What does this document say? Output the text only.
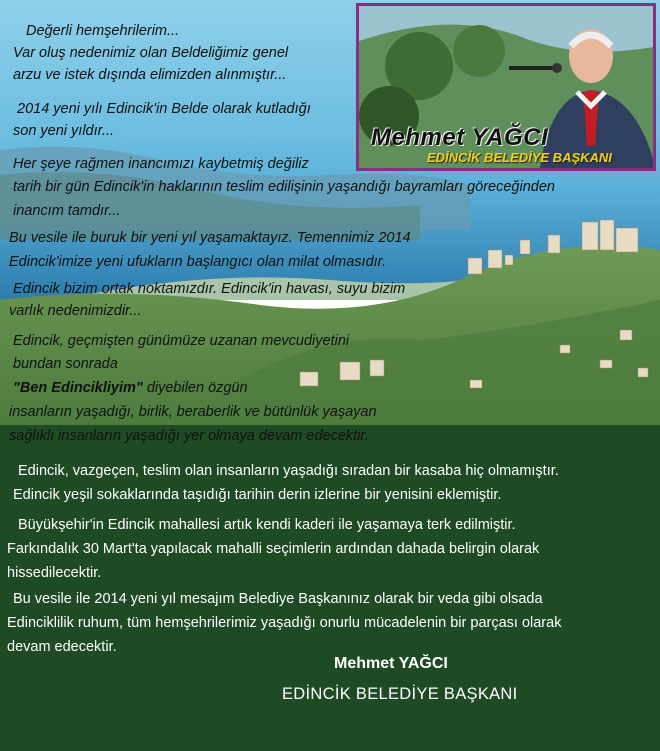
Mehmet YAĞCI
EDİNCİK BELEDİYE BAŞKANI
Değerli hemşehrilerim...
Var oluş nedenimiz olan Beldeliğimiz genel
arzu ve istek dışında elimizden alınmıştır...
2014 yeni yılı Edincik'in Belde olarak kutladığı
son yeni yıldır...
Her şeye rağmen inancımızı kaybetmiş değiliz
tarih bir gün Edincik'in haklarının teslim edilişinin yaşandığı bayramları göreceğinden
inancım tamdır...
Bu vesile ile buruk bir yeni yıl yaşamaktayız. Temennimiz 2014
Edincik'imize yeni ufukların başlangıcı olan milat olmasıdır.
Edincik bizim ortak noktamızdır. Edincik'in havası, suyu bizim
varlık nedenimizdir...
Edincik, geçmişten günümüze uzanan mevcudiyetini
bundan sonrada
"Ben Edincikliyim" diyebilen özgün
insanların yaşadığı, birlik, beraberlik ve bütünlük yaşayan
sağlıklı insanların yaşadığı yer olmaya devam edecektir.
Edincik, vazgeçen, teslim olan insanların yaşadığı sıradan bir kasaba hiç olmamıştır.
Edincik yeşil sokaklarında taşıdığı tarihin derin izlerine bir yenisini eklemiştir.
Büyükşehir'in Edincik mahallesi artık kendi kaderi ile yaşamaya terk edilmiştir.
Farkındalık 30 Mart'ta yapılacak mahalli seçimlerin ardından dahada belirgin olarak
hissedilecektir.
Bu vesile ile 2014 yeni yıl mesajım Belediye Başkanınız olarak bir veda gibi olsada
Edinciklilik ruhum, tüm hemşehrilerimiz yaşadığı onurlu mücadelenin bir parçası olarak
devam edecektir.
Mehmet YAĞCI
EDİNCİK BELEDİYE BAŞKANI
